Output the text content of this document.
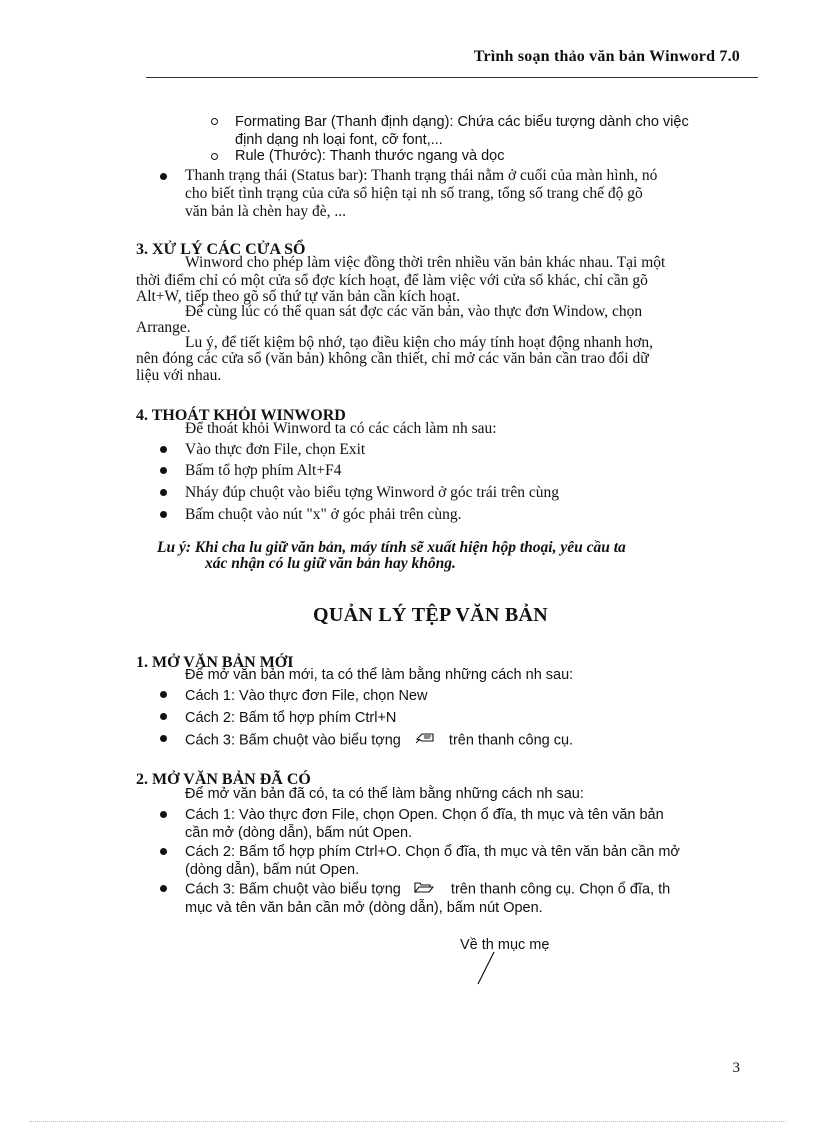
Trình soạn thảo văn bản Winword 7.0
Formating Bar (Thanh định dạng): Chứa các biểu tượng dành cho việc
định dạng nh loại font, cỡ font,...
Rule (Thước): Thanh thước ngang và dọc
Thanh trạng thái (Status bar): Thanh trạng thái nằm ở cuối của màn hình, nó
cho biết tình trạng của cửa sổ hiện tại nh số trang, tổng số trang chế độ gõ
văn bản là chèn hay đè, ...
3. XỬ LÝ CÁC CỬA SỔ
Winword cho phép làm việc đồng thời trên nhiều văn bản khác nhau. Tại một
thời điểm chỉ có một cửa sổ đợc kích hoạt, để làm việc với cửa sổ khác, chỉ cần gõ
Alt+W, tiếp theo gõ số thứ tự văn bản cần kích hoạt.
Để cùng lúc có thể quan sát đợc các văn bản, vào thực đơn Window, chọn
Arrange.
Lu ý, để tiết kiệm bộ nhớ, tạo điều kiện cho máy tính hoạt động nhanh hơn,
nên đóng các cửa sổ (văn bản) không cần thiết, chỉ mở các văn bản cần trao đổi dữ
liệu với nhau.
4. THOÁT KHỎI WINWORD
Để thoát khỏi Winword ta có các cách làm nh sau:
Vào thực đơn File, chọn Exit
Bấm tổ hợp phím Alt+F4
Nháy đúp chuột vào biểu tợng Winword ở góc trái trên cùng
Bấm chuột vào nút "x" ở góc phải trên cùng.
Lu ý: Khi cha lu giữ văn bản, máy tính sẽ xuất hiện hộp thoại, yêu cầu ta
xác nhận có lu giữ văn bản hay không.
QUẢN LÝ TỆP VĂN BẢN
1. MỞ VĂN BẢN MỚI
Để mở văn bản mới, ta có thể làm bằng những cách nh sau:
Cách 1: Vào thực đơn File, chọn New
Cách 2: Bấm tổ hợp phím Ctrl+N
Cách 3: Bấm chuột vào biểu tợng	trên thanh công cụ.
2. MỞ VĂN BẢN ĐÃ CÓ
Để mở văn bản đã có, ta có thể làm bằng những cách nh sau:
Cách 1: Vào thực đơn File, chọn Open. Chọn ổ đĩa, th mục và tên văn bản
cần mở (dòng dẫn), bấm nút Open.
Cách 2: Bấm tổ hợp phím Ctrl+O. Chọn ổ đĩa, th mục và tên văn bản cần mở
(dòng dẫn), bấm nút Open.
Cách 3: Bấm chuột vào biểu tợng	trên thanh công cụ. Chọn ổ đĩa, th
mục và tên văn bản cần mở (dòng dẫn), bấm nút Open.
Về th mục mẹ
3
